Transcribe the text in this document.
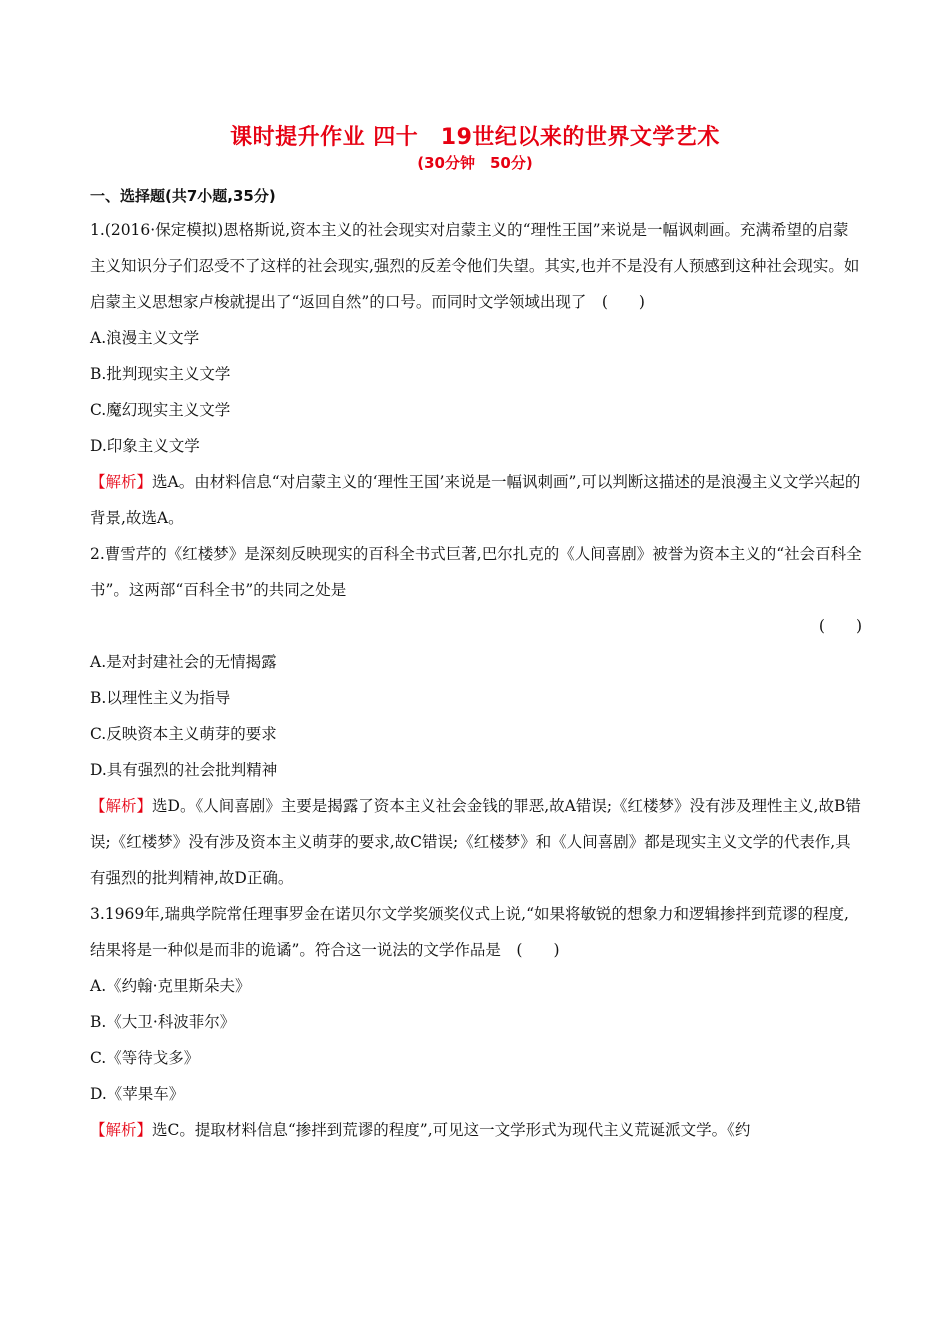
课时提升作业 四十　19世纪以来的世界文学艺术
(30分钟　50分)
一、选择题(共7小题,35分)

1.(2016·保定模拟)恩格斯说,资本主义的社会现实对启蒙主义的“理性王国”来说是一幅讽刺画。充满希望的启蒙主义知识分子们忍受不了这样的社会现实,强烈的反差令他们失望。其实,也并不是没有人预感到这种社会现实。如启蒙主义思想家卢梭就提出了“返回自然”的口号。而同时文学领域出现了　(　　)

A.浪漫主义文学

B.批判现实主义文学

C.魔幻现实主义文学

D.印象主义文学

【解析】选A。由材料信息“对启蒙主义的‘理性王国’来说是一幅讽刺画”,可以判断这描述的是浪漫主义文学兴起的背景,故选A。

2.曹雪芹的《红楼梦》是深刻反映现实的百科全书式巨著,巴尔扎克的《人间喜剧》被誉为资本主义的“社会百科全书”。这两部“百科全书”的共同之处是

(　　)

A.是对封建社会的无情揭露

B.以理性主义为指导

C.反映资本主义萌芽的要求

D.具有强烈的社会批判精神

【解析】选D。《人间喜剧》主要是揭露了资本主义社会金钱的罪恶,故A错误;《红楼梦》没有涉及理性主义,故B错误;《红楼梦》没有涉及资本主义萌芽的要求,故C错误;《红楼梦》和《人间喜剧》都是现实主义文学的代表作,具有强烈的批判精神,故D正确。

3.1969年,瑞典学院常任理事罗金在诺贝尔文学奖颁奖仪式上说,“如果将敏锐的想象力和逻辑掺拌到荒谬的程度,结果将是一种似是而非的诡谲”。符合这一说法的文学作品是　(　　)

A.《约翰·克里斯朵夫》

B.《大卫·科波菲尔》

C.《等待戈多》

D.《苹果车》

【解析】选C。提取材料信息“掺拌到荒谬的程度”,可见这一文学形式为现代主义荒诞派文学。《约
